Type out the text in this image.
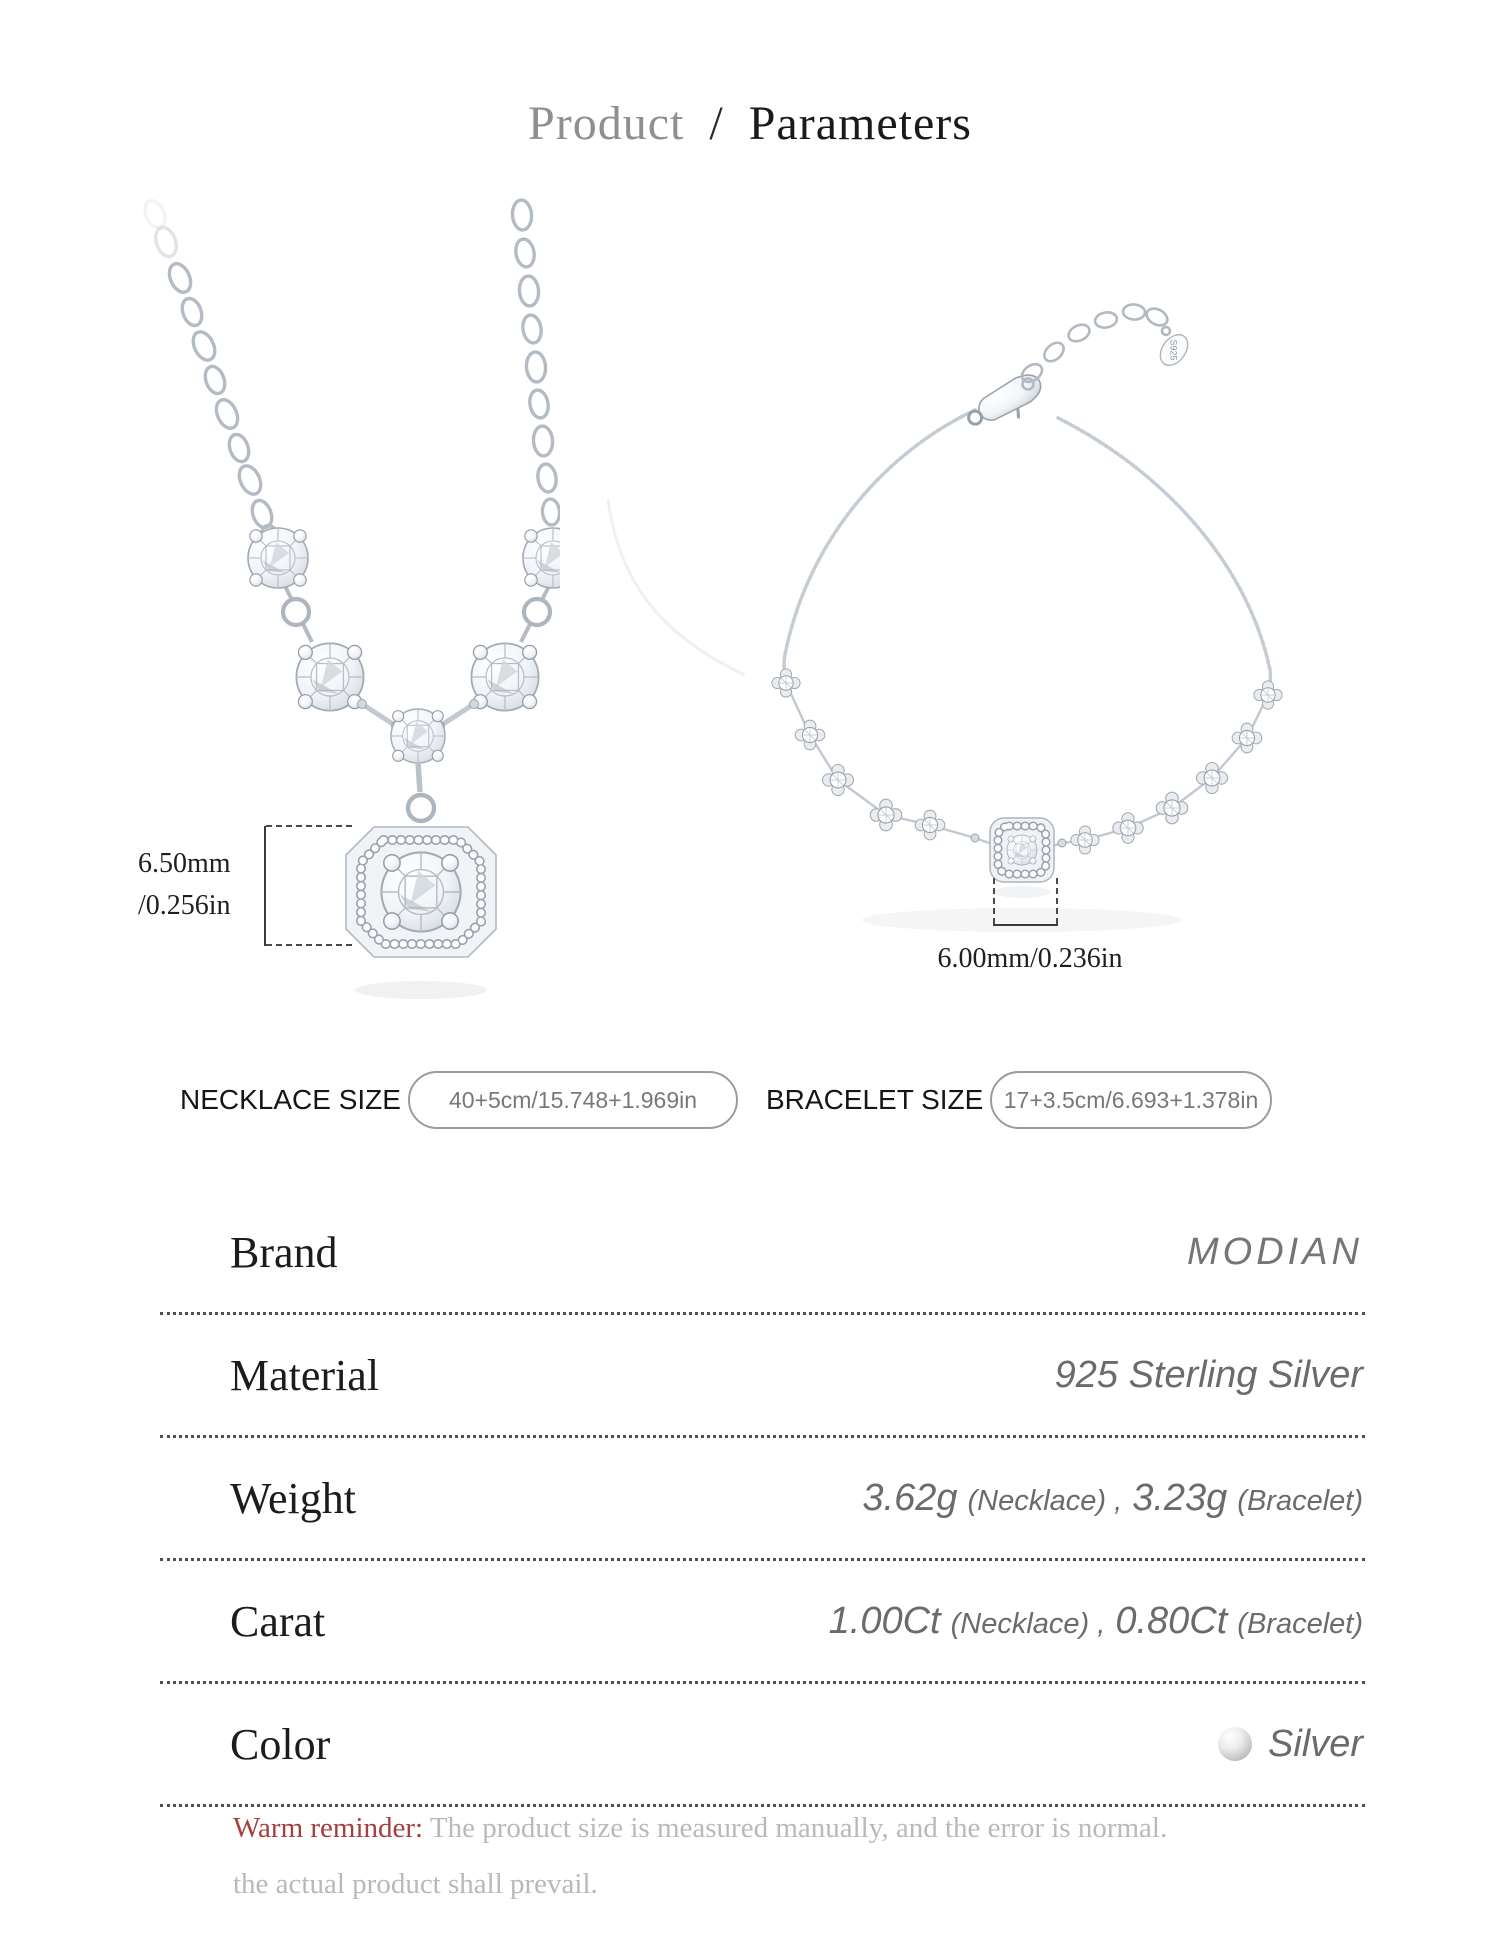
Product / Parameters
S925
6.50mm
/0.256in
6.00mm/0.236in
NECKLACE SIZE	40+5cm/15.748+1.969in	BRACELET SIZE 17+3.5cm/6.693+1.378in
Brand	MODIAN
Material	925 Sterling Silver
Weight	3.62g (Necklace) , 3.23g (Bracelet)
Carat	1.00Ct (Necklace) , 0.80Ct (Bracelet)
Color	Silver
Warm reminder: The product size is measured manually, and the error is normal.
the actual product shall prevail.
